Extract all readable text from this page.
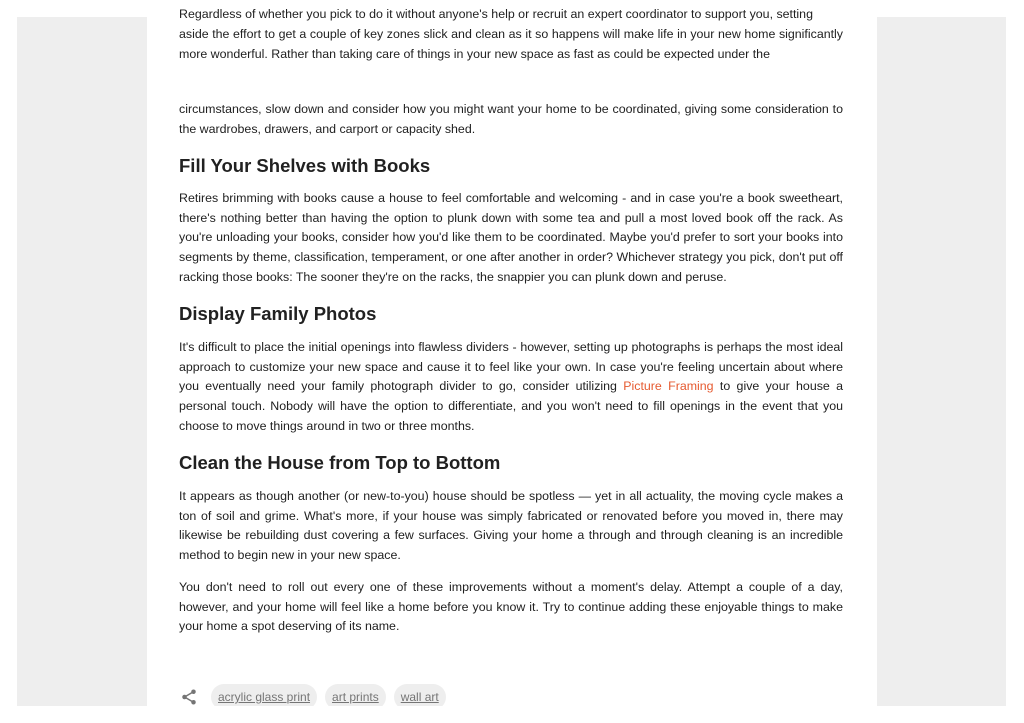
Regardless of whether you pick to do it without anyone's help or recruit an expert coordinator to support you, setting

aside the effort to get a couple of key zones slick and clean as it so happens will make life in your new home significantly more wonderful. Rather than taking care of things in your new space as fast as could be expected under the

circumstances, slow down and consider how you might want your home to be coordinated, giving some consideration to the wardrobes, drawers, and carport or capacity shed.

Fill Your Shelves with Books

Retires brimming with books cause a house to feel comfortable and welcoming - and in case you're a book sweetheart, there's nothing better than having the option to plunk down with some tea and pull a most loved book off the rack. As you're unloading your books, consider how you'd like them to be coordinated. Maybe you'd prefer to sort your books into segments by theme, classification, temperament, or one after another in order? Whichever strategy you pick, don't put off racking those books: The sooner they're on the racks, the snappier you can plunk down and peruse.

Display Family Photos

It's difficult to place the initial openings into flawless dividers - however, setting up photographs is perhaps the most ideal approach to customize your new space and cause it to feel like your own. In case you're feeling uncertain about where you eventually need your family photograph divider to go, consider utilizing Picture Framing to give your house a personal touch. Nobody will have the option to differentiate, and you won't need to fill openings in the event that you choose to move things around in two or three months.

Clean the House from Top to Bottom

It appears as though another (or new-to-you) house should be spotless — yet in all actuality, the moving cycle makes a ton of soil and grime. What's more, if your house was simply fabricated or renovated before you moved in, there may likewise be rebuilding dust covering a few surfaces. Giving your home a through and through cleaning is an incredible method to begin new in your new space.

You don't need to roll out every one of these improvements without a moment's delay. Attempt a couple of a day, however, and your home will feel like a home before you know it. Try to continue adding these enjoyable things to make your home a spot deserving of its name.

acrylic glass print	art prints	wall art
